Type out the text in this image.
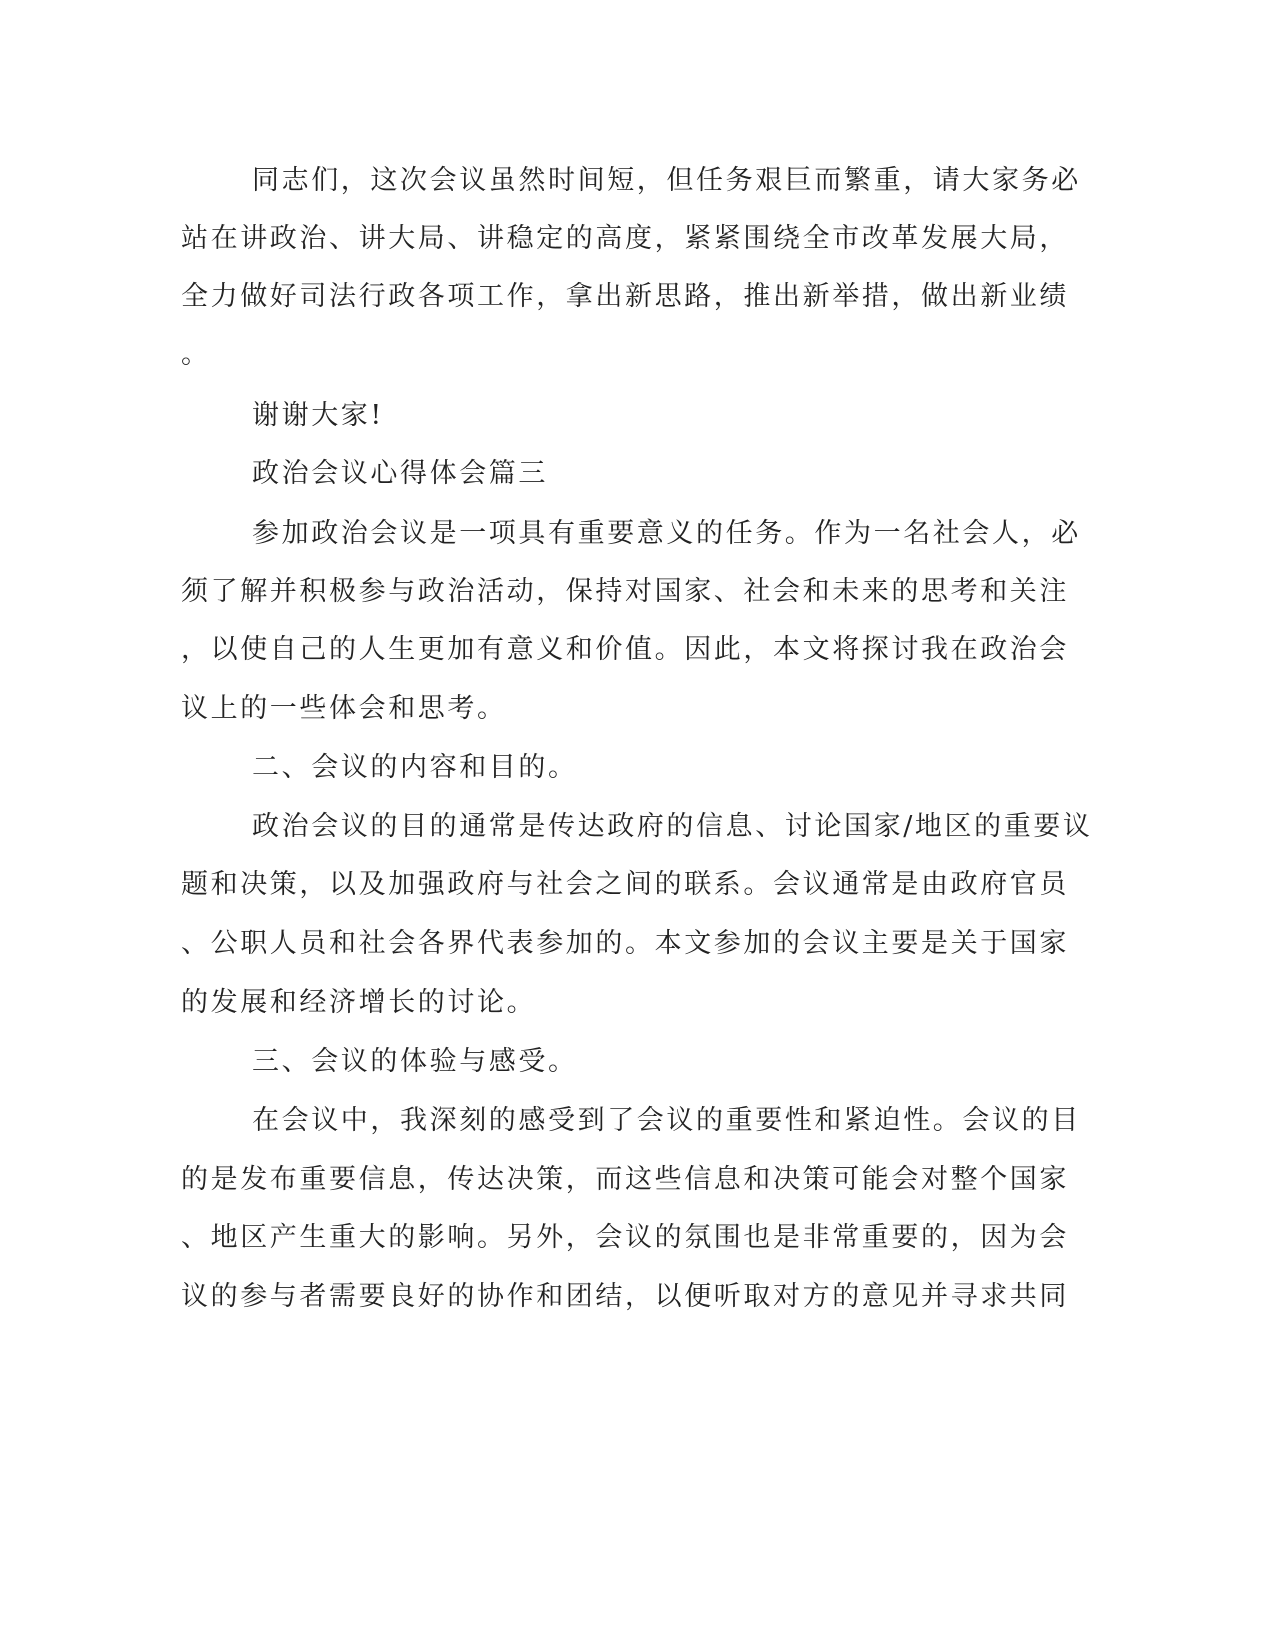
同志们，这次会议虽然时间短，但任务艰巨而繁重，请大家务必

站在讲政治、讲大局、讲稳定的高度，紧紧围绕全市改革发展大局，

全力做好司法行政各项工作，拿出新思路，推出新举措，做出新业绩

。

谢谢大家!

政治会议心得体会篇三

参加政治会议是一项具有重要意义的任务。作为一名社会人，必

须了解并积极参与政治活动，保持对国家、社会和未来的思考和关注

，以使自己的人生更加有意义和价值。因此，本文将探讨我在政治会

议上的一些体会和思考。

二、会议的内容和目的。

政治会议的目的通常是传达政府的信息、讨论国家/地区的重要议

题和决策，以及加强政府与社会之间的联系。会议通常是由政府官员

、公职人员和社会各界代表参加的。本文参加的会议主要是关于国家

的发展和经济增长的讨论。

三、会议的体验与感受。

在会议中，我深刻的感受到了会议的重要性和紧迫性。会议的目

的是发布重要信息，传达决策，而这些信息和决策可能会对整个国家

、地区产生重大的影响。另外，会议的氛围也是非常重要的，因为会

议的参与者需要良好的协作和团结，以便听取对方的意见并寻求共同
